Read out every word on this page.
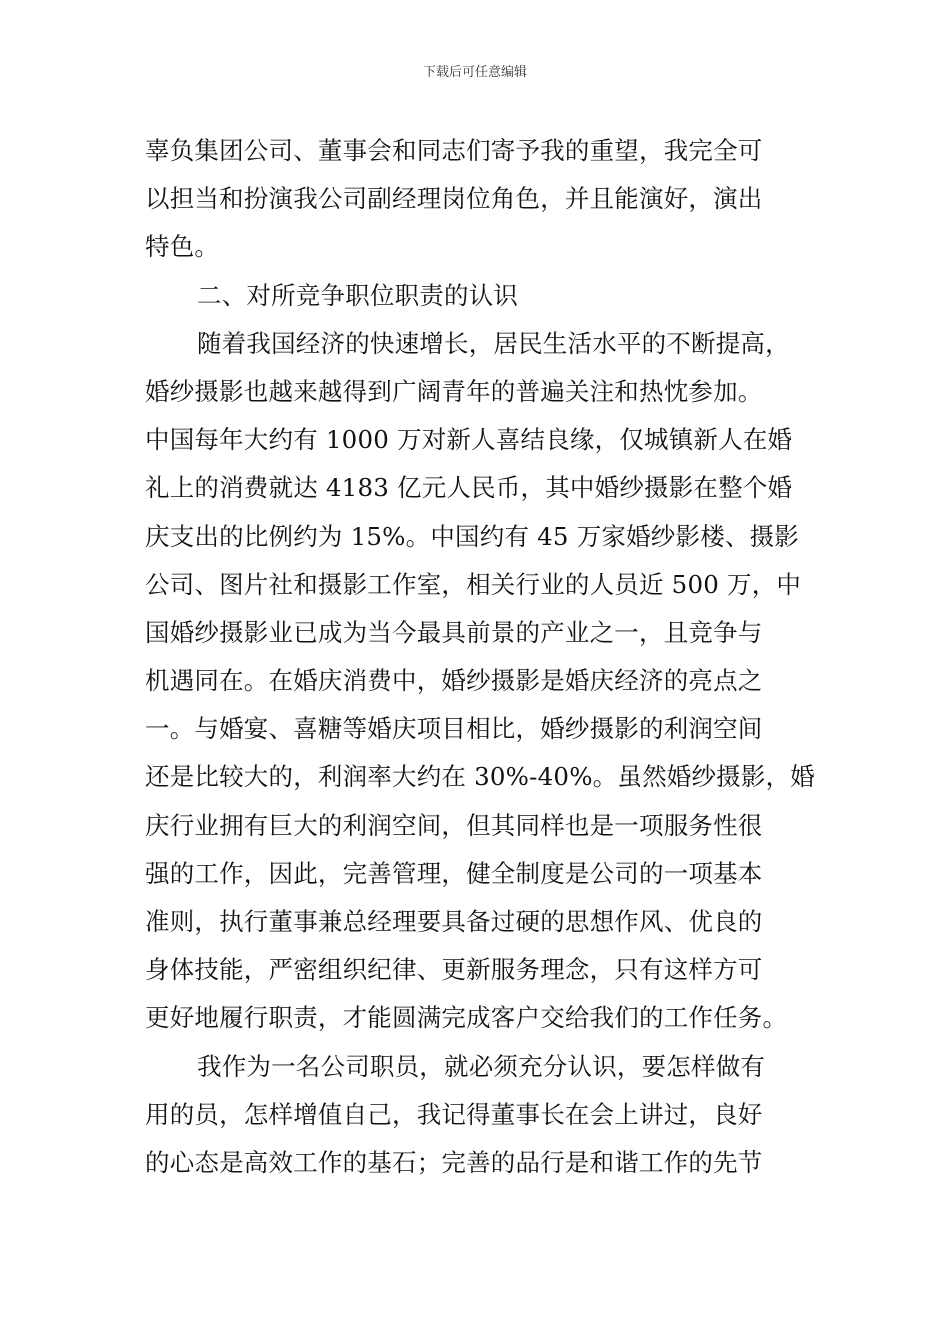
下载后可任意编辑
辜负集团公司、董事会和同志们寄予我的重望，我完全可
以担当和扮演我公司副经理岗位角色，并且能演好，演出
特色。
二、对所竞争职位职责的认识
随着我国经济的快速增长，居民生活水平的不断提高，
婚纱摄影也越来越得到广阔青年的普遍关注和热忱参加。
中国每年大约有 1000 万对新人喜结良缘，仅城镇新人在婚
礼上的消费就达 4183 亿元人民币，其中婚纱摄影在整个婚
庆支出的比例约为 15%。中国约有 45 万家婚纱影楼、摄影
公司、图片社和摄影工作室，相关行业的人员近 500 万，中
国婚纱摄影业已成为当今最具前景的产业之一，且竞争与
机遇同在。在婚庆消费中，婚纱摄影是婚庆经济的亮点之
一。与婚宴、喜糖等婚庆项目相比，婚纱摄影的利润空间
还是比较大的，利润率大约在 30%-40%。虽然婚纱摄影，婚
庆行业拥有巨大的利润空间，但其同样也是一项服务性很
强的工作，因此，完善管理，健全制度是公司的一项基本
准则，执行董事兼总经理要具备过硬的思想作风、优良的
身体技能，严密组织纪律、更新服务理念，只有这样方可
更好地履行职责，才能圆满完成客户交给我们的工作任务。
我作为一名公司职员，就必须充分认识，要怎样做有
用的员，怎样增值自己，我记得董事长在会上讲过，良好
的心态是高效工作的基石；完善的品行是和谐工作的先节
